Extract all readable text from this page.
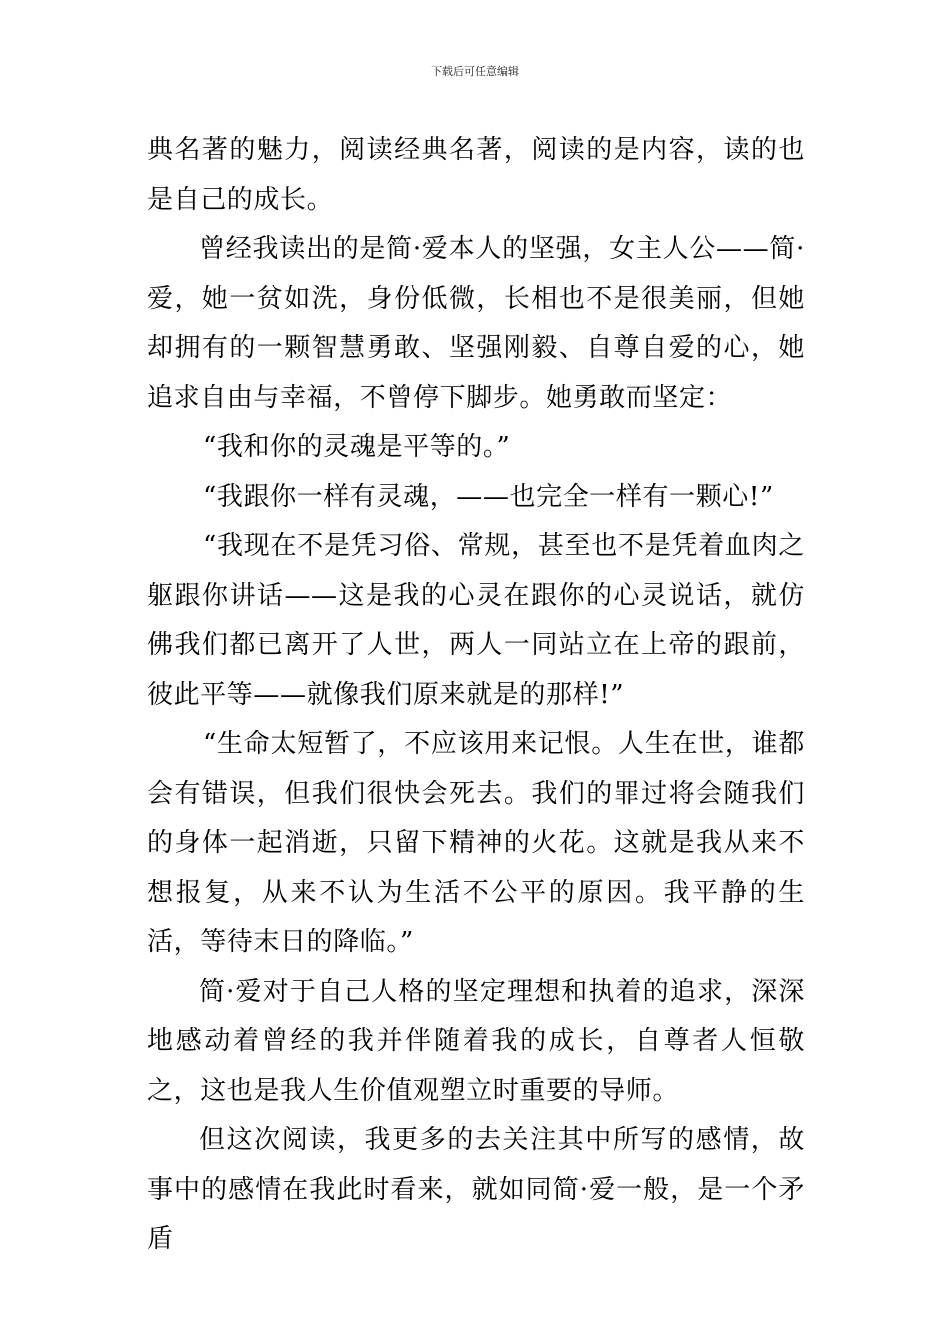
下载后可任意编辑

典名著的魅力，阅读经典名著，阅读的是内容，读的也是自己的成长。

曾经我读出的是简·爱本人的坚强，女主人公——简·爱，她一贫如洗，身份低微，长相也不是很美丽，但她却拥有的一颗智慧勇敢、坚强刚毅、自尊自爱的心，她追求自由与幸福，不曾停下脚步。她勇敢而坚定：

“我和你的灵魂是平等的。”

“我跟你一样有灵魂，——也完全一样有一颗心!”

“我现在不是凭习俗、常规，甚至也不是凭着血肉之躯跟你讲话——这是我的心灵在跟你的心灵说话，就仿佛我们都已离开了人世，两人一同站立在上帝的跟前，彼此平等——就像我们原来就是的那样!”

“生命太短暂了，不应该用来记恨。人生在世，谁都会有错误，但我们很快会死去。我们的罪过将会随我们的身体一起消逝，只留下精神的火花。这就是我从来不想报复，从来不认为生活不公平的原因。我平静的生活，等待末日的降临。”

简·爱对于自己人格的坚定理想和执着的追求，深深地感动着曾经的我并伴随着我的成长，自尊者人恒敬之，这也是我人生价值观塑立时重要的导师。

但这次阅读，我更多的去关注其中所写的感情，故事中的感情在我此时看来，就如同简·爱一般，是一个矛盾
